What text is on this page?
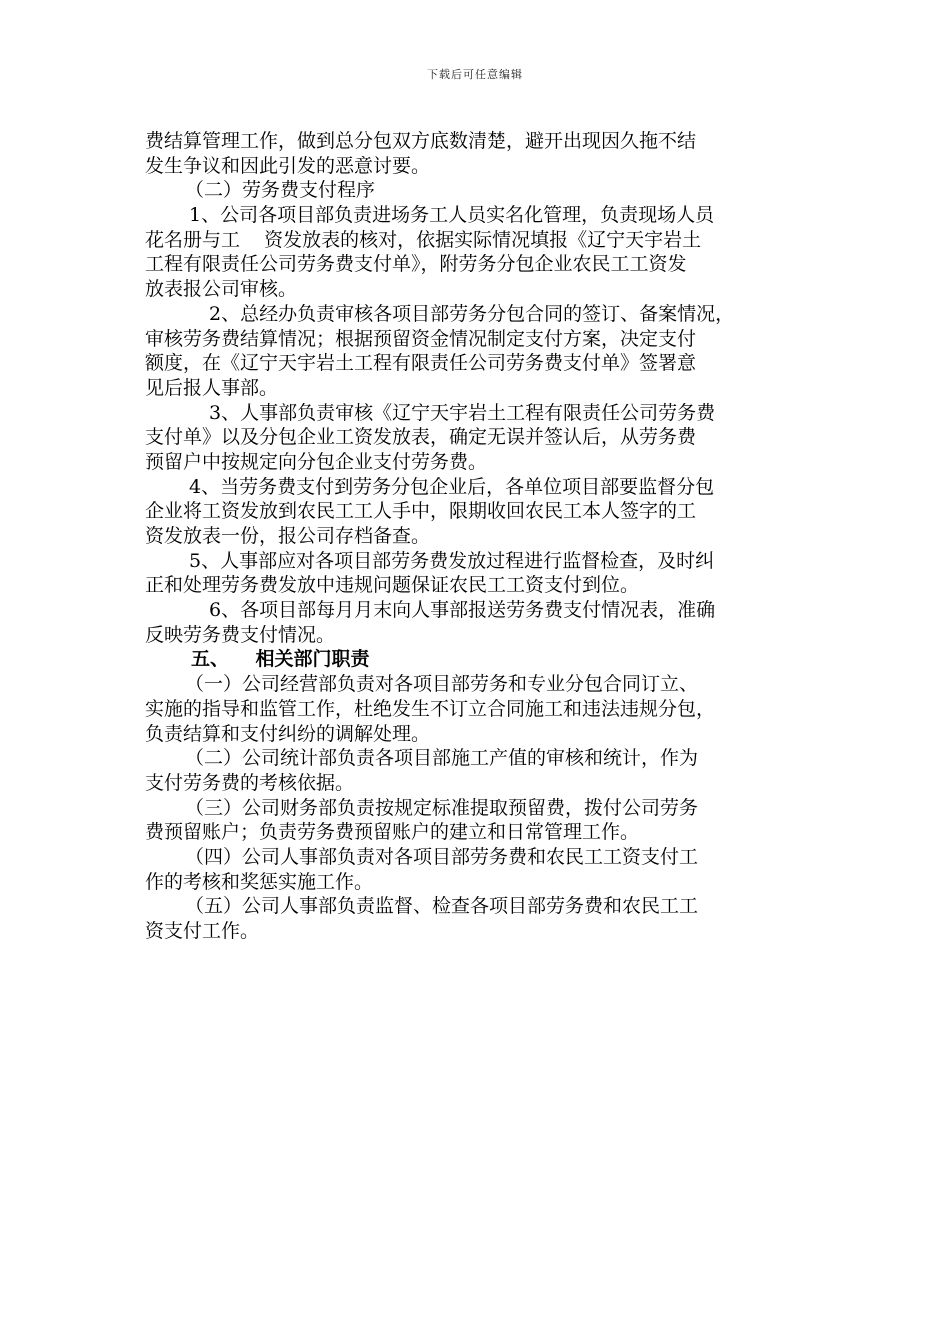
下载后可任意编辑
费结算管理工作，做到总分包双方底数清楚，避开出现因久拖不结
发生争议和因此引发的恶意讨要。
（二）劳务费支付程序
1、公司各项目部负责进场务工人员实名化管理，负责现场人员
花名册与工    资发放表的核对，依据实际情况填报《辽宁天宇岩土
工程有限责任公司劳务费支付单》，附劳务分包企业农民工工资发
放表报公司审核。
2、总经办负责审核各项目部劳务分包合同的签订、备案情况，
审核劳务费结算情况；根据预留资金情况制定支付方案，决定支付
额度，在《辽宁天宇岩土工程有限责任公司劳务费支付单》签署意
见后报人事部。
3、人事部负责审核《辽宁天宇岩土工程有限责任公司劳务费
支付单》以及分包企业工资发放表，确定无误并签认后，从劳务费
预留户中按规定向分包企业支付劳务费。
4、当劳务费支付到劳务分包企业后，各单位项目部要监督分包
企业将工资发放到农民工工人手中，限期收回农民工本人签字的工
资发放表一份，报公司存档备查。
5、人事部应对各项目部劳务费发放过程进行监督检查，及时纠
正和处理劳务费发放中违规问题保证农民工工资支付到位。
6、各项目部每月月末向人事部报送劳务费支付情况表，准确
反映劳务费支付情况。
五、    相关部门职责
（一）公司经营部负责对各项目部劳务和专业分包合同订立、
实施的指导和监管工作，杜绝发生不订立合同施工和违法违规分包，
负责结算和支付纠纷的调解处理。
（二）公司统计部负责各项目部施工产值的审核和统计，作为
支付劳务费的考核依据。
（三）公司财务部负责按规定标准提取预留费，拨付公司劳务
费预留账户；负责劳务费预留账户的建立和日常管理工作。
（四）公司人事部负责对各项目部劳务费和农民工工资支付工
作的考核和奖惩实施工作。
（五）公司人事部负责监督、检查各项目部劳务费和农民工工
资支付工作。
